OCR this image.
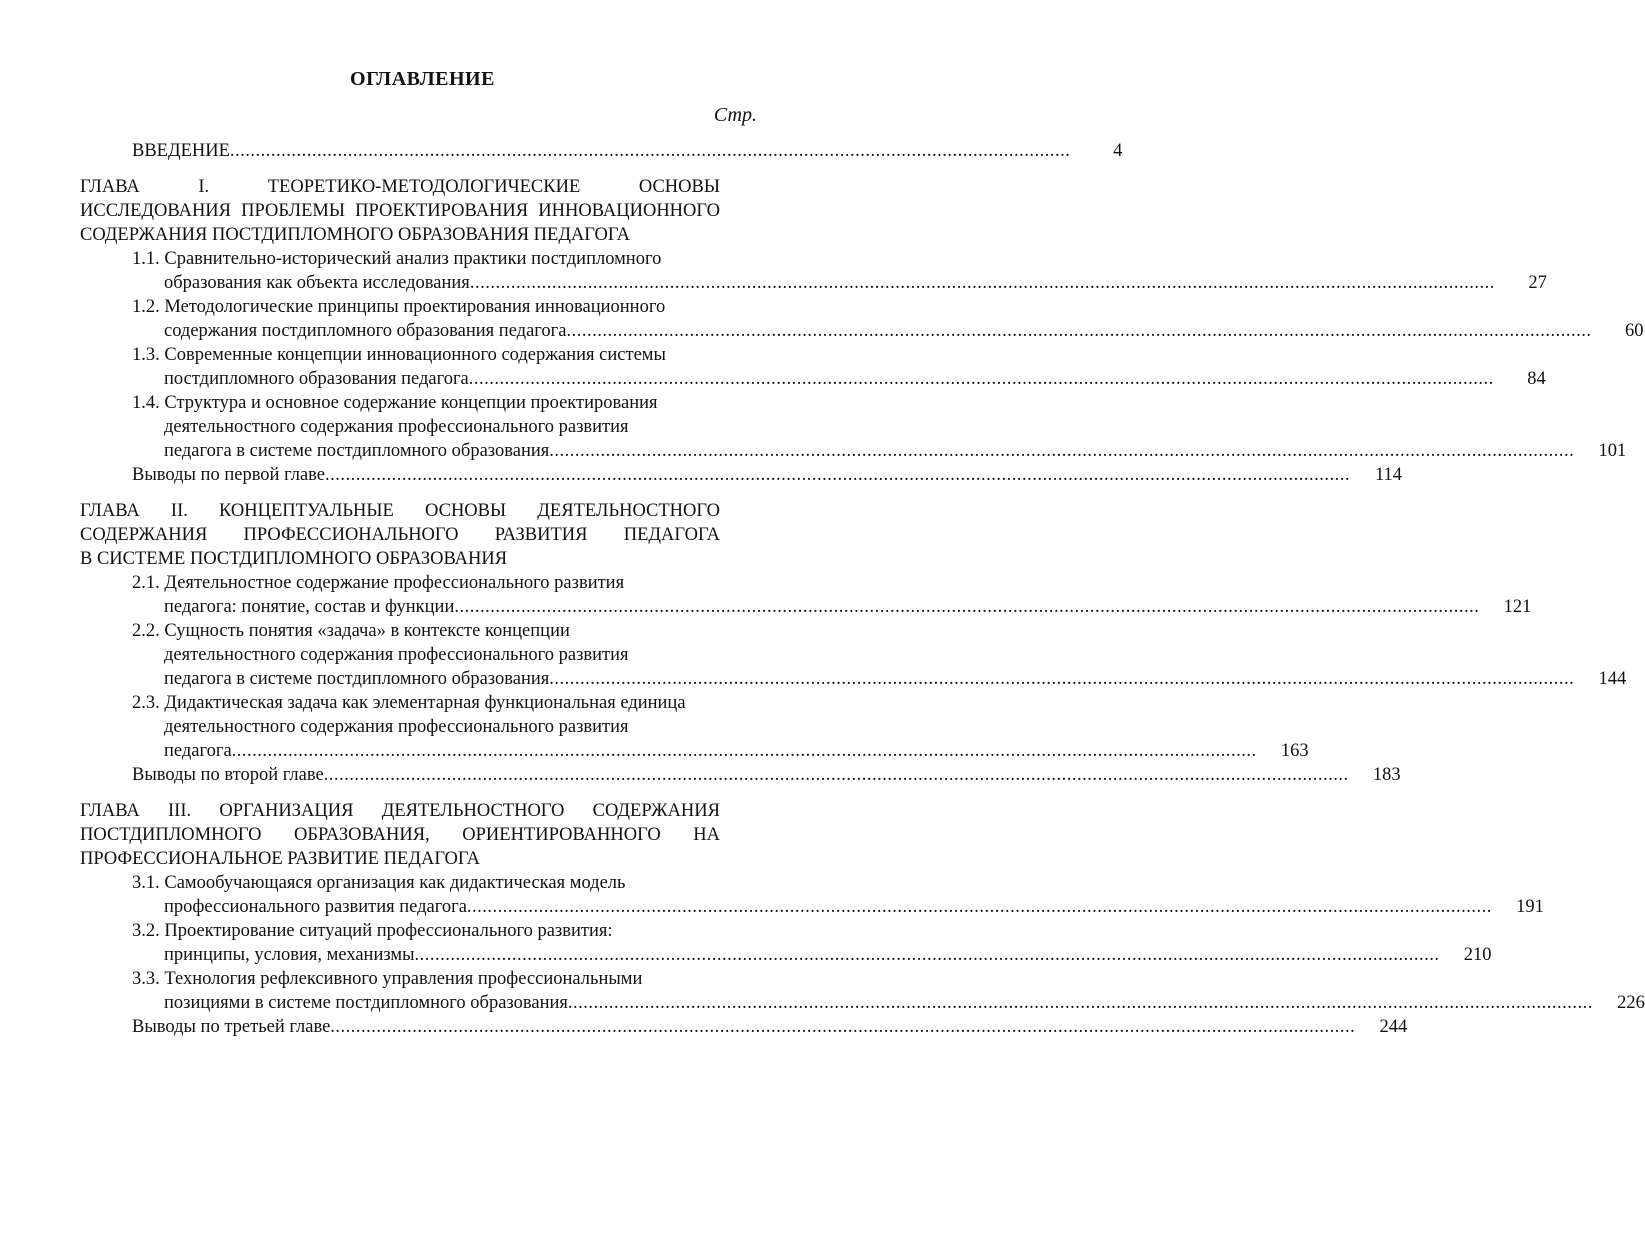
ОГЛАВЛЕНИЕ
Стр.
ВВЕДЕНИЕ ....................................................................................................................................................................	4
ГЛАВА I. ТЕОРЕТИКО-МЕТОДОЛОГИЧЕСКИЕ ОСНОВЫ
ИССЛЕДОВАНИЯ ПРОБЛЕМЫ ПРОЕКТИРОВАНИЯ ИННОВАЦИОННОГО
СОДЕРЖАНИЯ ПОСТДИПЛОМНОГО ОБРАЗОВАНИЯ ПЕДАГОГА
1.1. Сравнительно-исторический анализ практики постдипломного
образования как объекта исследования ........................................................................................................................................................................................................	27
1.2. Методологические принципы проектирования инновационного
содержания постдипломного образования педагога ........................................................................................................................................................................................................	60
1.3. Современные концепции инновационного содержания системы
постдипломного образования педагога ........................................................................................................................................................................................................	84
1.4. Структура и основное содержание концепции проектирования
деятельностного содержания профессионального развития
педагога в системе постдипломного образования ........................................................................................................................................................................................................	101
Выводы по первой главе ........................................................................................................................................................................................................	114
ГЛАВА II. КОНЦЕПТУАЛЬНЫЕ ОСНОВЫ ДЕЯТЕЛЬНОСТНОГО
СОДЕРЖАНИЯ ПРОФЕССИОНАЛЬНОГО РАЗВИТИЯ ПЕДАГОГА
В СИСТЕМЕ ПОСТДИПЛОМНОГО ОБРАЗОВАНИЯ
2.1. Деятельностное содержание профессионального развития
педагога: понятие, состав и функции ........................................................................................................................................................................................................	121
2.2. Сущность понятия «задача» в контексте концепции
деятельностного содержания профессионального развития
педагога в системе постдипломного образования ........................................................................................................................................................................................................	144
2.3. Дидактическая задача как элементарная функциональная единица
деятельностного содержания профессионального развития
педагога ........................................................................................................................................................................................................	163
Выводы по второй главе ........................................................................................................................................................................................................	183
ГЛАВА III. ОРГАНИЗАЦИЯ ДЕЯТЕЛЬНОСТНОГО СОДЕРЖАНИЯ
ПОСТДИПЛОМНОГО ОБРАЗОВАНИЯ, ОРИЕНТИРОВАННОГО НА
ПРОФЕССИОНАЛЬНОЕ РАЗВИТИЕ ПЕДАГОГА
3.1. Самообучающаяся организация как дидактическая модель
профессионального развития педагога ........................................................................................................................................................................................................	191
3.2. Проектирование ситуаций профессионального развития:
принципы, условия, механизмы ........................................................................................................................................................................................................	210
3.3. Технология рефлексивного управления профессиональными
позициями в системе постдипломного образования ........................................................................................................................................................................................................	226
Выводы по третьей главе ........................................................................................................................................................................................................	244
